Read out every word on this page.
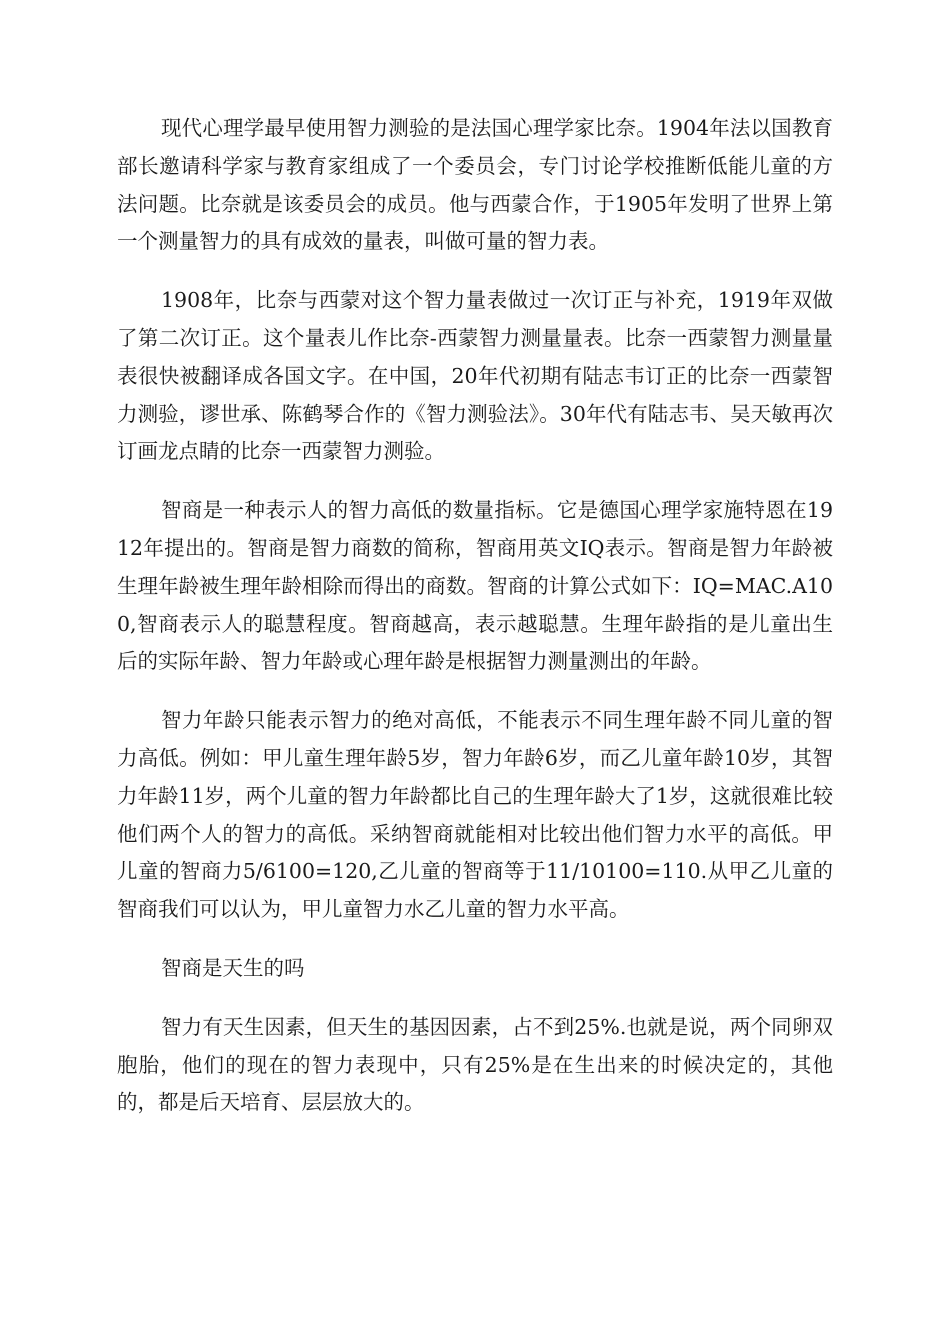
现代心理学最早使用智力测验的是法国心理学家比奈。1904年法以国教育部长邀请科学家与教育家组成了一个委员会，专门讨论学校推断低能儿童的方法问题。比奈就是该委员会的成员。他与西蒙合作，于1905年发明了世界上第一个测量智力的具有成效的量表，叫做可量的智力表。

1908年，比奈与西蒙对这个智力量表做过一次订正与补充，1919年双做了第二次订正。这个量表儿作比奈-西蒙智力测量量表。比奈一西蒙智力测量量表很快被翻译成各国文字。在中国，20年代初期有陆志韦订正的比奈一西蒙智力测验，谬世承、陈鹤琴合作的《智力测验法》。30年代有陆志韦、吴天敏再次订画龙点睛的比奈一西蒙智力测验。

智商是一种表示人的智力高低的数量指标。它是德国心理学家施特恩在1912年提出的。智商是智力商数的简称，智商用英文IQ表示。智商是智力年龄被生理年龄被生理年龄相除而得出的商数。智商的计算公式如下：IQ=MAC.A100,智商表示人的聪慧程度。智商越高，表示越聪慧。生理年龄指的是儿童出生后的实际年龄、智力年龄或心理年龄是根据智力测量测出的年龄。

智力年龄只能表示智力的绝对高低，不能表示不同生理年龄不同儿童的智力高低。例如：甲儿童生理年龄5岁，智力年龄6岁，而乙儿童年龄10岁，其智力年龄11岁，两个儿童的智力年龄都比自己的生理年龄大了1岁，这就很难比较他们两个人的智力的高低。采纳智商就能相对比较出他们智力水平的高低。甲儿童的智商力5/6100=120,乙儿童的智商等于11/10100=110.从甲乙儿童的智商我们可以认为，甲儿童智力水乙儿童的智力水平高。

智商是天生的吗

智力有天生因素，但天生的基因因素，占不到25%.也就是说，两个同卵双胞胎，他们的现在的智力表现中，只有25%是在生出来的时候决定的，其他的，都是后天培育、层层放大的。
